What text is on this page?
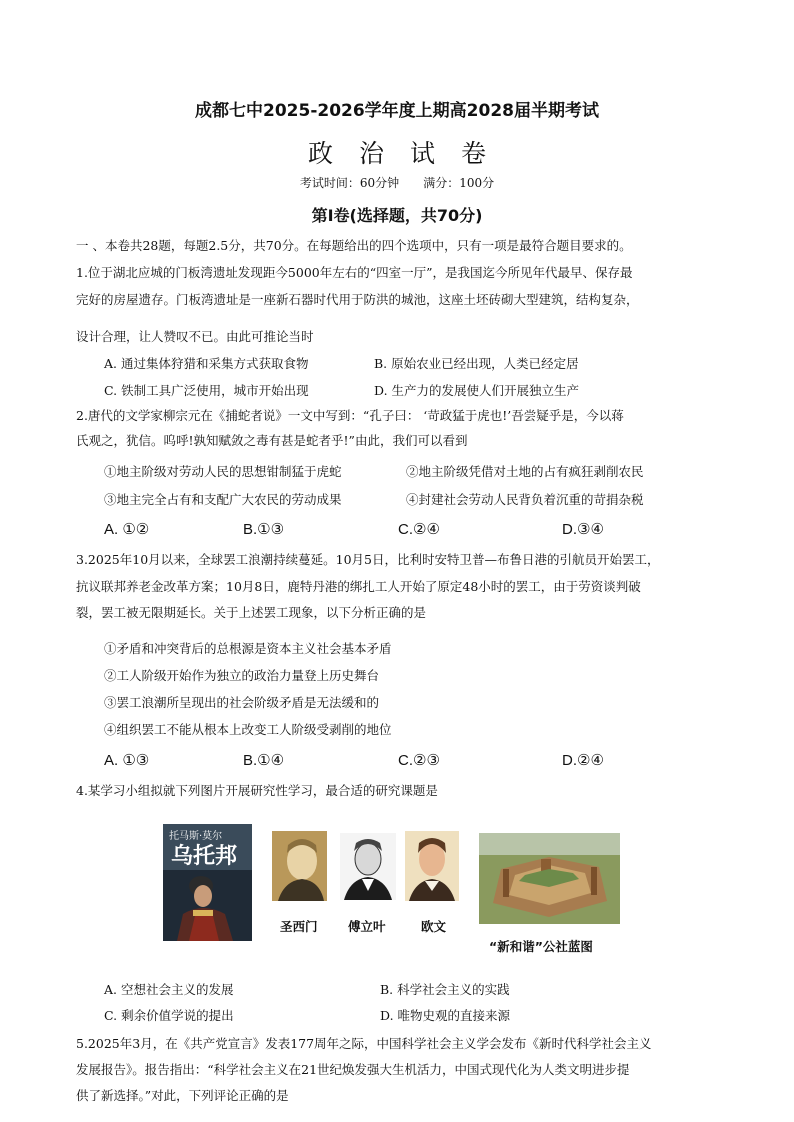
成都七中2025-2026学年度上期高2028届半期考试
政治试卷
考试时间：60分钟 满分：100分
第Ⅰ卷(选择题，共70分)
一 、本卷共28题，每题2.5分，共70分。在每题给出的四个选项中，只有一项是最符合题目要求的。
1.位于湖北应城的门板湾遗址发现距今5000年左右的“四室一厅”，是我国迄今所见年代最早、保存最
完好的房屋遗存。门板湾遗址是一座新石器时代用于防洪的城池，这座土坯砖砌大型建筑，结构复杂，
设计合理，让人赞叹不已。由此可推论当时
A. 通过集体狩猎和采集方式获取食物	B. 原始农业已经出现，人类已经定居
C. 铁制工具广泛使用，城市开始出现	D. 生产力的发展使人们开展独立生产
2.唐代的文学家柳宗元在《捕蛇者说》一文中写到：“孔子曰： ‘苛政猛于虎也!’吾尝疑乎是，今以蒋
氏观之，犹信。呜呼!孰知赋敛之毒有甚是蛇者乎!”由此，我们可以看到
①地主阶级对劳动人民的思想钳制猛于虎蛇	②地主阶级凭借对土地的占有疯狂剥削农民
③地主完全占有和支配广大农民的劳动成果	④封建社会劳动人民背负着沉重的苛捐杂税
A. ①②	B.①③	C.②④	D.③④
3.2025年10月以来，全球罢工浪潮持续蔓延。10月5日，比利时安特卫普—布鲁日港的引航员开始罢工，
抗议联邦养老金改革方案；10月8日，鹿特丹港的绑扎工人开始了原定48小时的罢工，由于劳资谈判破
裂，罢工被无限期延长。关于上述罢工现象，以下分析正确的是
①矛盾和冲突背后的总根源是资本主义社会基本矛盾
②工人阶级开始作为独立的政治力量登上历史舞台
③罢工浪潮所呈现出的社会阶级矛盾是无法缓和的
④组织罢工不能从根本上改变工人阶级受剥削的地位
A. ①③	B.①④	C.②③	D.②④
4.某学习小组拟就下列图片开展研究性学习，最合适的研究课题是
托马斯·莫尔
乌托邦
圣西门 傅立叶	欧文
“新和谐”公社蓝图
A. 空想社会主义的发展	B. 科学社会主义的实践
C. 剩余价值学说的提出	D. 唯物史观的直接来源
5.2025年3月，在《共产党宣言》发表177周年之际，中国科学社会主义学会发布《新时代科学社会主义
发展报告》。报告指出：“科学社会主义在21世纪焕发强大生机活力，中国式现代化为人类文明进步提
供了新选择。”对此，下列评论正确的是
